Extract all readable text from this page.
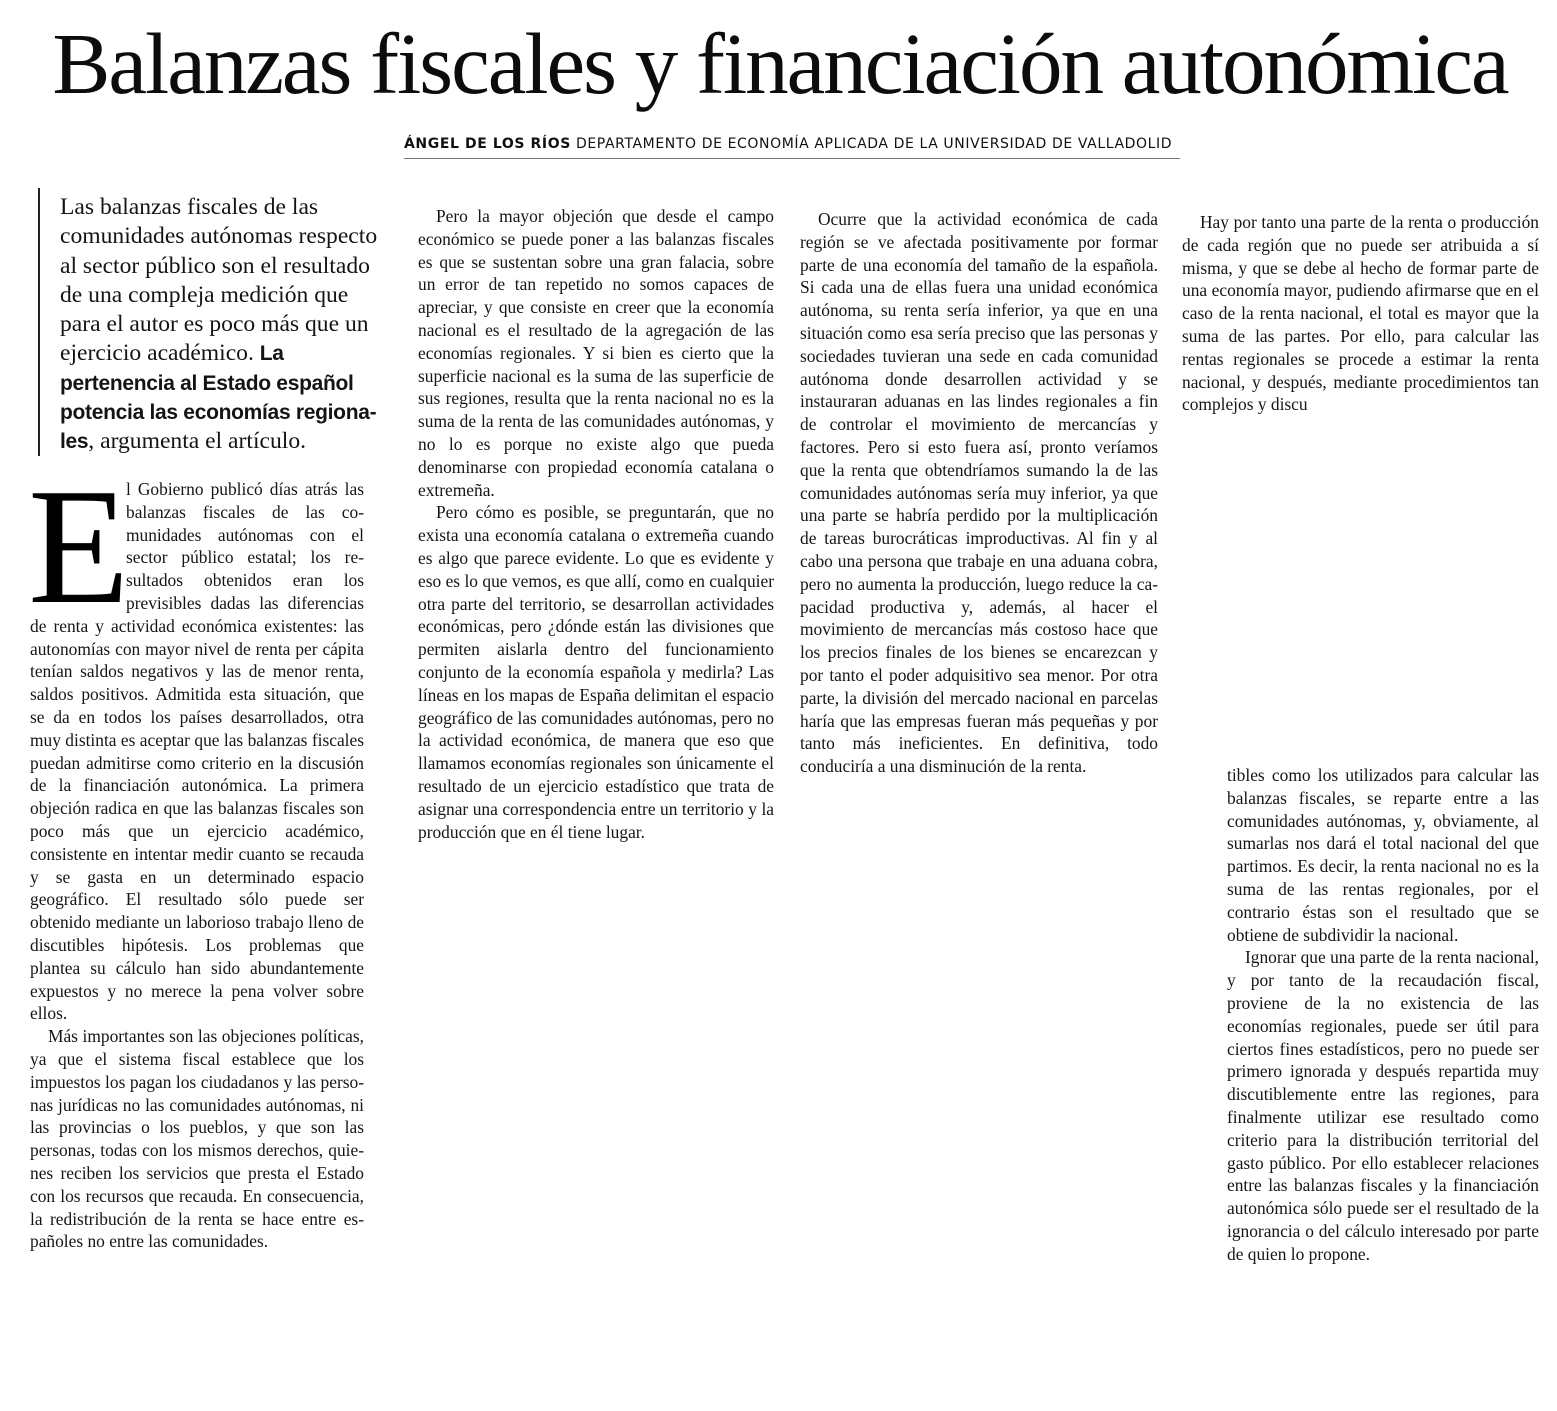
Balanzas fiscales y financiación autonómica
ÁNGEL DE LOS RÍOS DEPARTAMENTO DE ECONOMÍA APLICADA DE LA UNIVERSIDAD DE VALLADOLID
Las balanzas fiscales de las comunidades autónomas respecto al sector público son el resultado de una compleja medición que para el autor es poco más que un ejercicio académico. La pertenencia al Estado español potencia las economías regionales, argumenta el artículo.

E
l Gobierno publicó días atrás las balanzas fiscales de las comunidades autónomas con el sector público estatal; los resultados obtenidos eran los previsibles dadas las diferencias de renta y actividad económica existentes: las autonomías con mayor nivel de renta per cápita tenían saldos negativos y las de menor renta, saldos positivos. Admitida esta situación, que se da en todos los países desarrollados, otra muy distinta es aceptar que las balanzas fiscales puedan admitirse como criterio en la discusión de la financiación autonómica. La primera objeción radica en que las balanzas fiscales son poco más que un ejercicio académico, consistente en intentar medir cuanto se recauda y se gasta en un determinado espacio geográfico. El resultado sólo puede ser obtenido mediante un laborioso trabajo lleno de discutibles hipótesis. Los problemas que plantea su cálculo han sido abundantemente expuestos y no merece la pena volver sobre ellos.

Más importantes son las objeciones políticas, ya que el sistema fiscal establece que los impuestos los pagan los ciudadanos y las personas jurídicas no las comunidades autónomas, ni las provincias o los pueblos, y que son las personas, todas con los mismos derechos, quienes reciben los servicios que presta el Estado con los recursos que recauda. En consecuencia, la redistribución de la renta se hace entre españoles no entre las comunidades.

Pero la mayor objeción que desde el campo económico se puede poner a las balanzas fiscales es que se sustentan sobre una gran falacia, sobre un error de tan repetido no somos capaces de apreciar, y que consiste en creer que la economía nacional es el resultado de la agregación de las economías regionales. Y si bien es cierto que la superficie nacional es la suma de las superficie de sus regiones, resulta que la renta nacional no es la suma de la renta de las comunidades autónomas, y no lo es porque no existe algo que pueda denominarse con propiedad economía catalana o extremeña.

Pero cómo es posible, se preguntarán, que no exista una economía catalana o extremeña cuando es algo que parece evidente. Lo que es evidente y eso es lo que vemos, es que allí, como en cualquier otra parte del territorio, se desarrollan actividades económicas, pero ¿dónde están las divisiones que permiten aislarla dentro del funcionamiento conjunto de la economía española y medirla? Las líneas en los mapas de España delimitan el espacio geográfico de las comunidades autónomas, pero no la actividad económica, de manera que eso que llamamos economías regionales son únicamente el resultado de un ejercicio estadístico que trata de asignar una correspondencia entre un territorio y la producción que en él tiene lugar.

Ocurre que la actividad económica de cada región se ve afectada positivamente por formar parte de una economía del tamaño de la española. Si cada una de ellas fuera una unidad económica autónoma, su renta sería inferior, ya que en una situación como esa sería preciso que las personas y sociedades tuvieran una sede en cada comunidad autónoma donde desarrollen actividad y se instauraran aduanas en las lindes regionales a fin de controlar el movimiento de mercancías y factores. Pero si esto fuera así, pronto veríamos que la renta que obtendríamos sumando la de las comunidades autónomas sería muy inferior, ya que una parte se habría perdido por la multiplicación de tareas burocráticas improductivas. Al fin y al cabo una persona que trabaje en una aduana cobra, pero no aumenta la producción, luego reduce la capacidad productiva y, además, al hacer el movimiento de mercancías más costoso hace que los precios finales de los bienes se encarezcan y por tanto el poder adquisitivo sea menor. Por otra parte, la división del mercado nacional en parcelas haría que las empresas fueran más pequeñas y por tanto más ineficientes. En definitiva, todo conduciría a una disminución de la renta.

Hay por tanto una parte de la renta o producción de cada región que no puede ser atribuida a sí misma, y que se debe al hecho de formar parte de una economía mayor, pudiendo afirmarse que en el caso de la renta nacional, el total es mayor que la suma de las partes. Por ello, para calcular las rentas regionales se procede a estimar la renta nacional, y después, mediante procedimientos tan complejos y discu

tibles como los utilizados para calcular las balanzas fiscales, se reparte entre a las comunidades autónomas, y, obviamente, al sumarlas nos dará el total nacional del que partimos. Es decir, la renta nacional no es la suma de las rentas regionales, por el contrario éstas son el resultado que se obtiene de subdividir la nacional.

Ignorar que una parte de la renta nacional, y por tanto de la recaudación fiscal, proviene de la no existencia de las economías regionales, puede ser útil para ciertos fines estadísticos, pero no puede ser primero ignorada y después repartida muy discutiblemente entre las regiones, para finalmente utilizar ese resultado como criterio para la distribución territorial del gasto público. Por ello establecer relaciones entre las balanzas fiscales y la financiación autonómica sólo puede ser el resultado de la ignorancia o del cálculo interesado por parte de quien lo propone.
